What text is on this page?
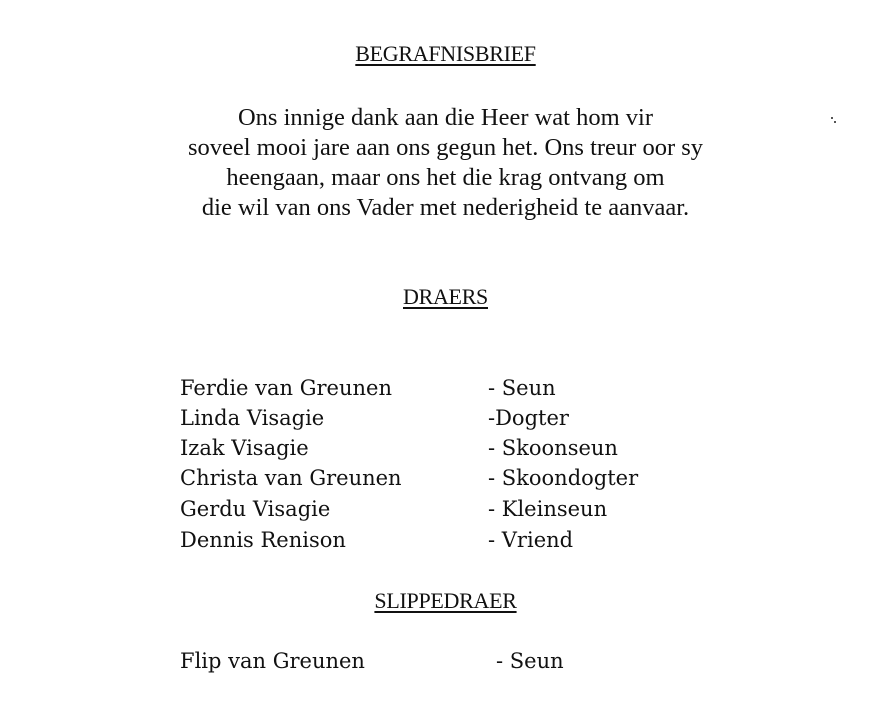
BEGRAFNISBRIEF
Ons innige dank aan die Heer wat hom vir
soveel mooi jare aan ons gegun het. Ons treur oor sy
heengaan, maar ons het die krag ontvang om
die wil van ons Vader met nederigheid te aanvaar.
DRAERS
Ferdie van Greunen	- Seun
Linda Visagie	-Dogter
Izak Visagie	- Skoonseun
Christa van Greunen	- Skoondogter
Gerdu Visagie	- Kleinseun
Dennis Renison	- Vriend
SLIPPEDRAER
Flip van Greunen	- Seun
